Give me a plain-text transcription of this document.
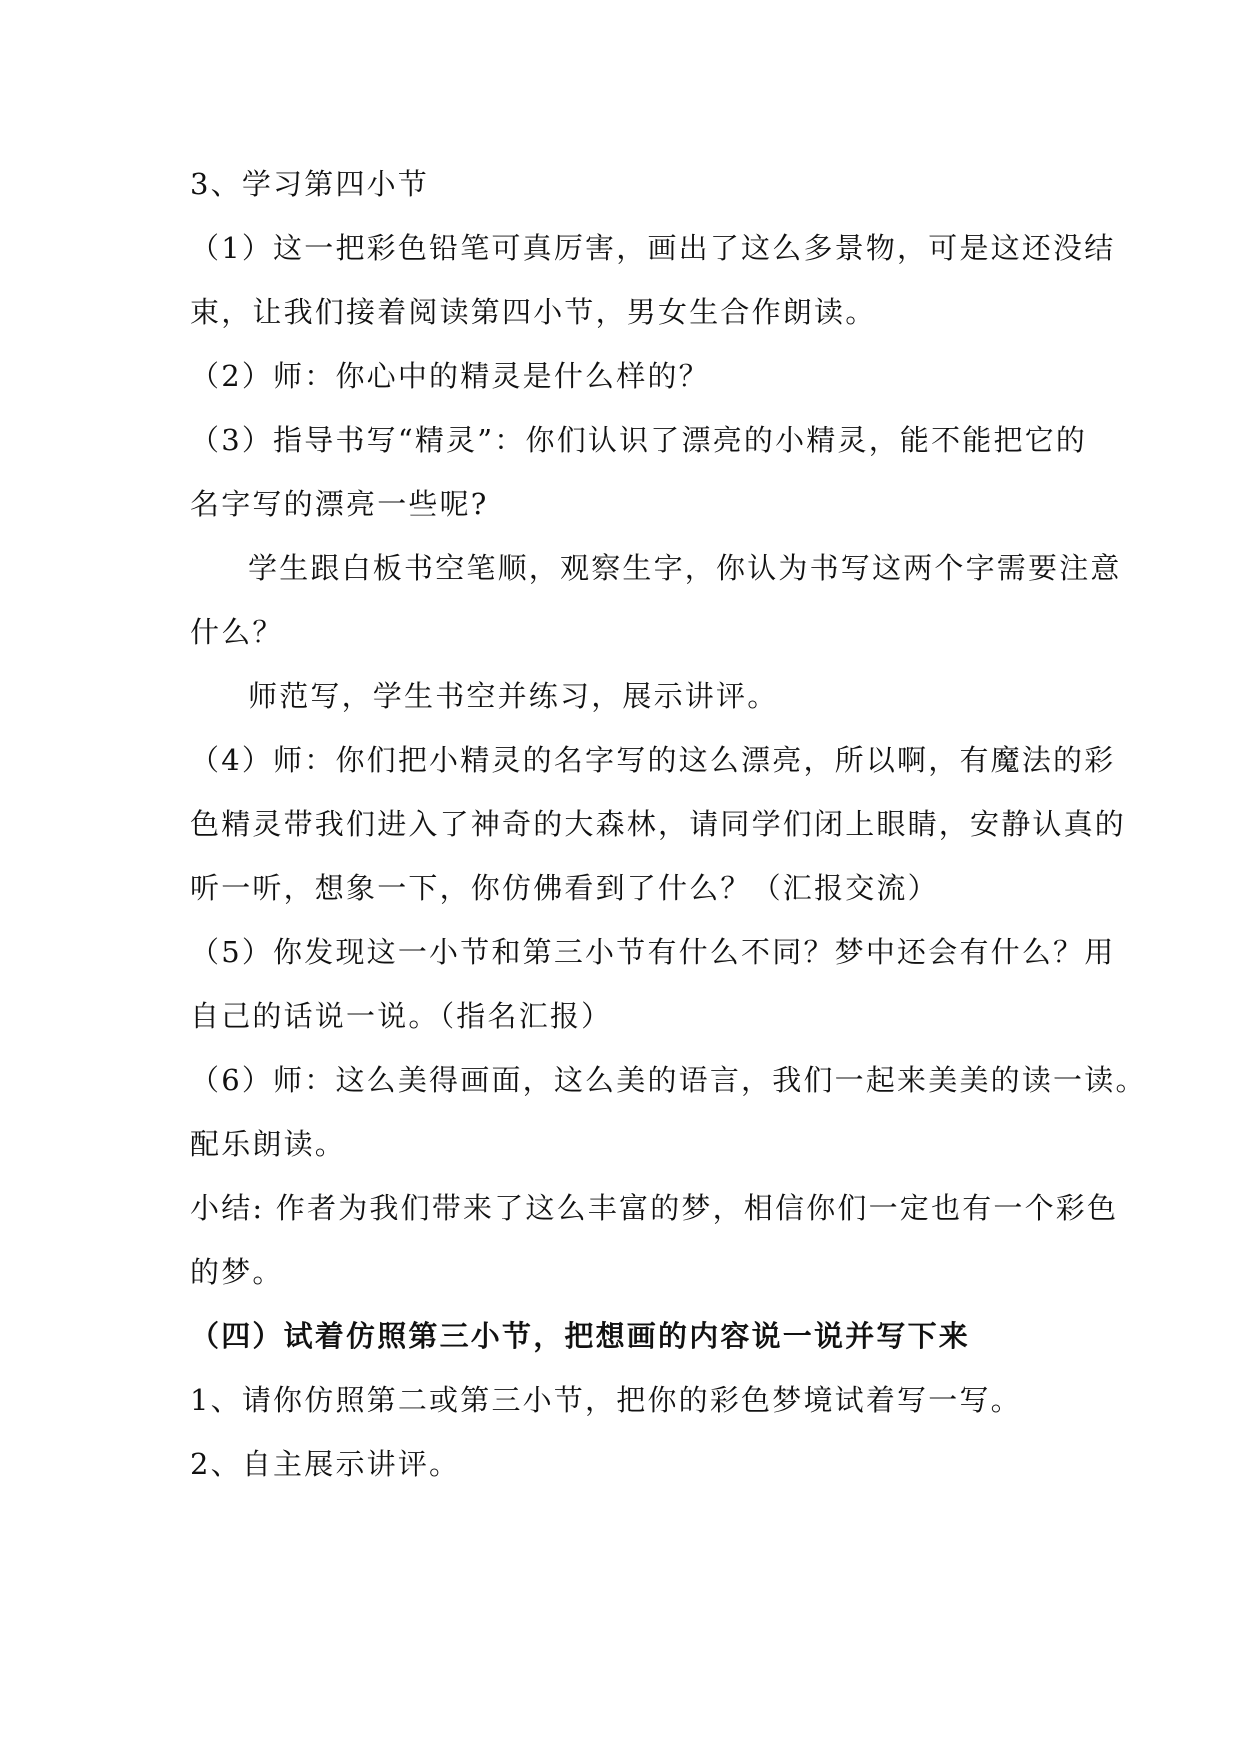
3、学习第四小节
（1）这一把彩色铅笔可真厉害，画出了这么多景物，可是这还没结
束，让我们接着阅读第四小节，男女生合作朗读。
（2）师：你心中的精灵是什么样的？
（3）指导书写“精灵”：你们认识了漂亮的小精灵，能不能把它的
名字写的漂亮一些呢?
学生跟白板书空笔顺，观察生字，你认为书写这两个字需要注意
什么？
师范写，学生书空并练习，展示讲评。
（4）师：你们把小精灵的名字写的这么漂亮，所以啊，有魔法的彩
色精灵带我们进入了神奇的大森林，请同学们闭上眼睛，安静认真的
听一听，想象一下，你仿佛看到了什么？（汇报交流）
（5）你发现这一小节和第三小节有什么不同？梦中还会有什么？用
自己的话说一说。（指名汇报）
（6）师：这么美得画面，这么美的语言，我们一起来美美的读一读。
配乐朗读。
小结: 作者为我们带来了这么丰富的梦，相信你们一定也有一个彩色
的梦。
（四）试着仿照第三小节，把想画的内容说一说并写下来
1、请你仿照第二或第三小节，把你的彩色梦境试着写一写。
2、自主展示讲评。
